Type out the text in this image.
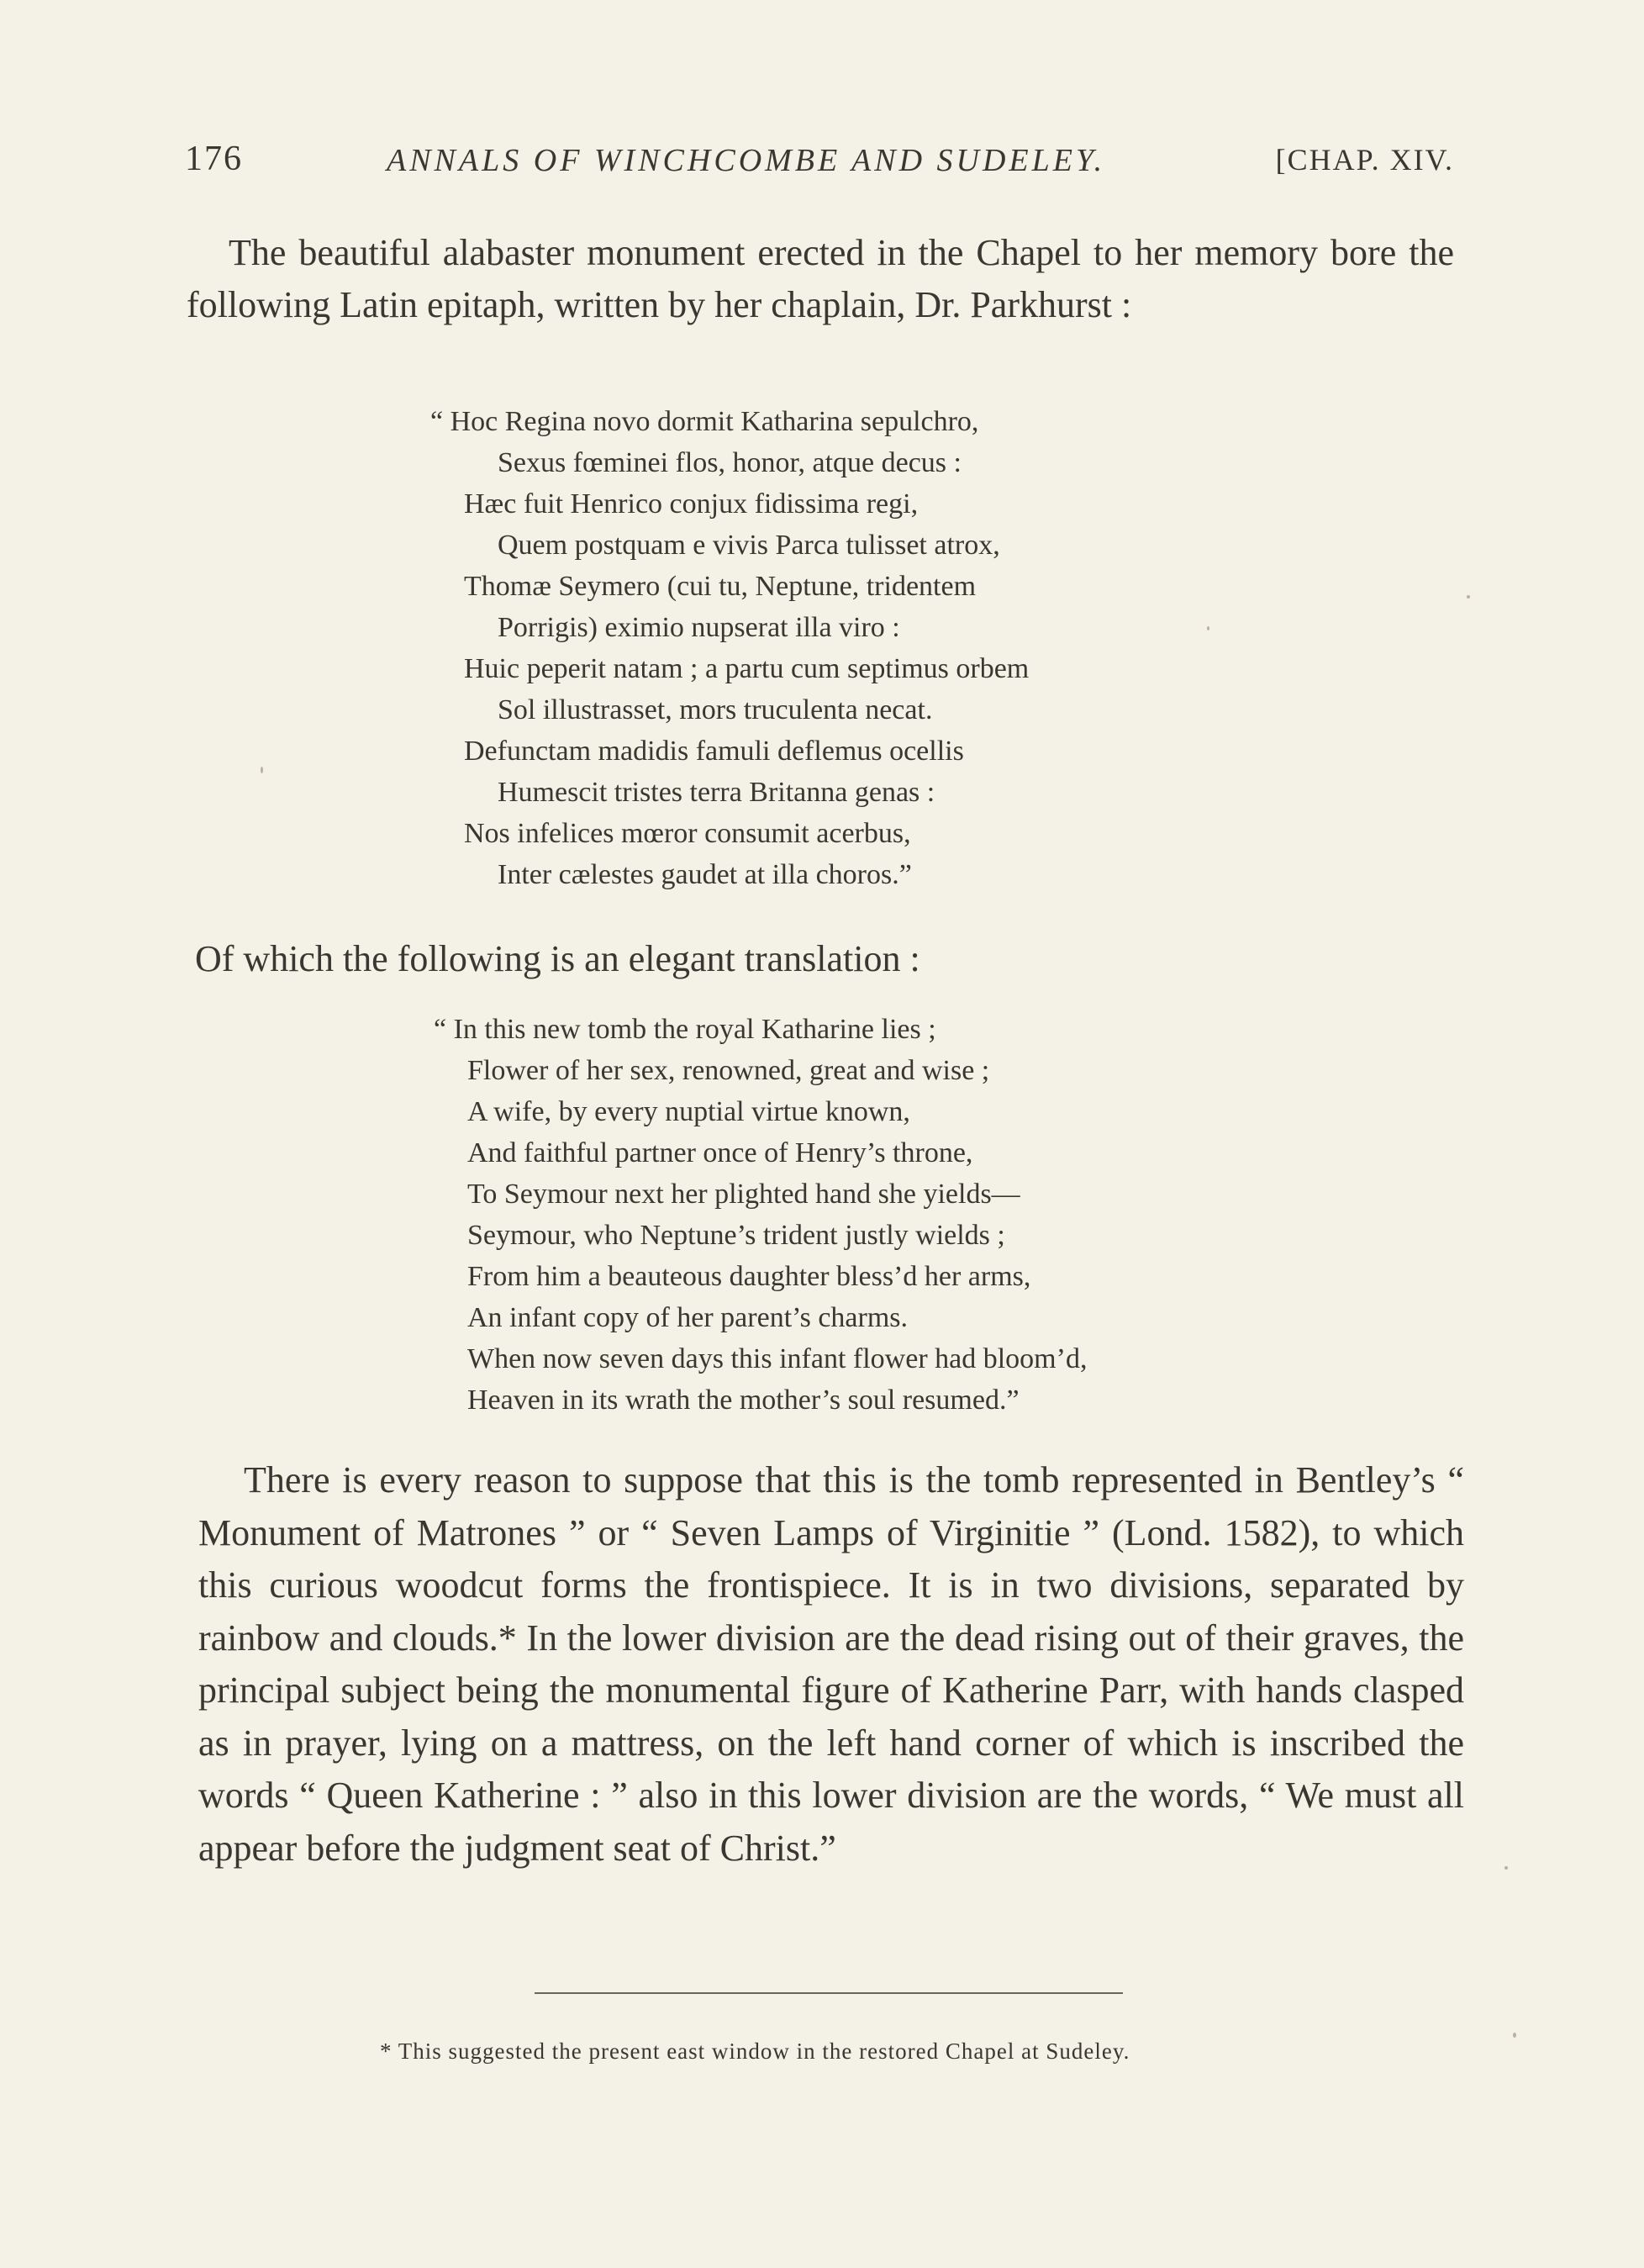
176	ANNALS OF WINCHCOMBE AND SUDELEY.	[CHAP. XIV.
The beautiful alabaster monument erected in the Chapel to her memory bore the following Latin epitaph, written by her chaplain, Dr. Parkhurst :
“ Hoc Regina novo dormit Katharina sepulchro,
Sexus fœminei flos, honor, atque decus :
Hæc fuit Henrico conjux fidissima regi,
Quem postquam e vivis Parca tulisset atrox,
Thomæ Seymero (cui tu, Neptune, tridentem
Porrigis) eximio nupserat illa viro :
Huic peperit natam ; a partu cum septimus orbem
Sol illustrasset, mors truculenta necat.
Defunctam madidis famuli deflemus ocellis
Humescit tristes terra Britanna genas :
Nos infelices mœror consumit acerbus,
Inter cælestes gaudet at illa choros.”
Of which the following is an elegant translation :
“ In this new tomb the royal Katharine lies ;
Flower of her sex, renowned, great and wise ;
A wife, by every nuptial virtue known,
And faithful partner once of Henry’s throne,
To Seymour next her plighted hand she yields—
Seymour, who Neptune’s trident justly wields ;
From him a beauteous daughter bless’d her arms,
An infant copy of her parent’s charms.
When now seven days this infant flower had bloom’d,
Heaven in its wrath the mother’s soul resumed.”
There is every reason to suppose that this is the tomb represented in Bentley’s “ Monument of Matrones ” or “ Seven Lamps of Virginitie ” (Lond. 1582), to which this curious woodcut forms the frontispiece. It is in two divisions, separated by rainbow and clouds.* In the lower division are the dead rising out of their graves, the principal subject being the monumental figure of Katherine Parr, with hands clasped as in prayer, lying on a mattress, on the left hand corner of which is inscribed the words “ Queen Katherine : ” also in this lower division are the words, “ We must all appear before the judgment seat of Christ.”
* This suggested the present east window in the restored Chapel at Sudeley.
